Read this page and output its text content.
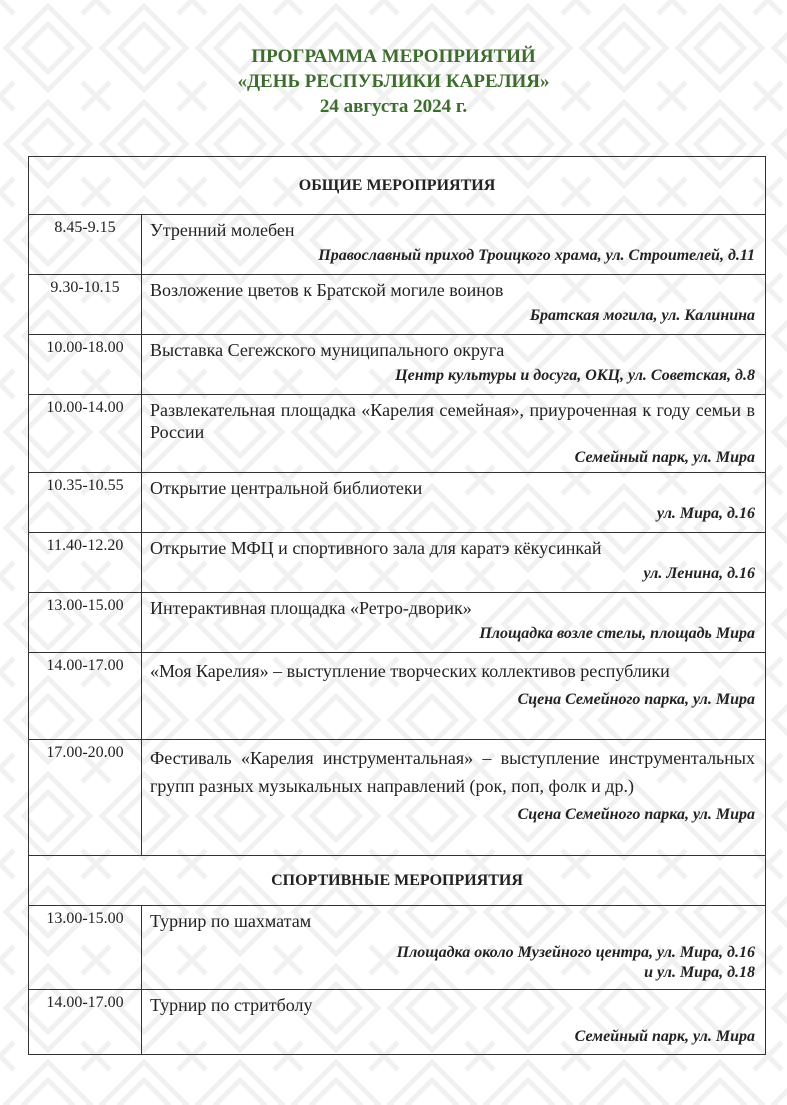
ПРОГРАММА МЕРОПРИЯТИЙ
«ДЕНЬ РЕСПУБЛИКИ КАРЕЛИЯ»
24 августа 2024 г.
ОБЩИЕ МЕРОПРИЯТИЯ	
8.45-9.15	Утренний молебен
Православный приход Троицкого храма, ул. Строителей, д.11

9.30-10.15	Возложение цветов к Братской могиле воинов
Братская могила, ул. Калинина

10.00-18.00	Выставка Сегежского муниципального округа
Центр культуры и досуга, ОКЦ, ул. Советская, д.8

10.00-14.00	Развлекательная площадка «Карелия семейная», приуроченная к году семьи в России
Семейный парк, ул. Мира

10.35-10.55	Открытие центральной библиотеки
ул. Мира, д.16

11.40-12.20	Открытие МФЦ и спортивного зала для каратэ кёкусинкай
ул. Ленина, д.16

13.00-15.00	Интерактивная площадка «Ретро-дворик»
Площадка возле стелы, площадь Мира

14.00-17.00	«Моя Карелия» – выступление творческих коллективов республики
Сцена Семейного парка, ул. Мира

17.00-20.00	Фестиваль «Карелия инструментальная» – выступление инструментальных групп разных музыкальных направлений (рок, поп, фолк и др.)
Сцена Семейного парка, ул. Мира

СПОРТИВНЫЕ МЕРОПРИЯТИЯ	
13.00-15.00	Турнир по шахматам
Площадка около Музейного центра, ул. Мира, д.16
и ул. Мира, д.18

14.00-17.00	Турнир по стритболу
Семейный парк, ул. Мира
